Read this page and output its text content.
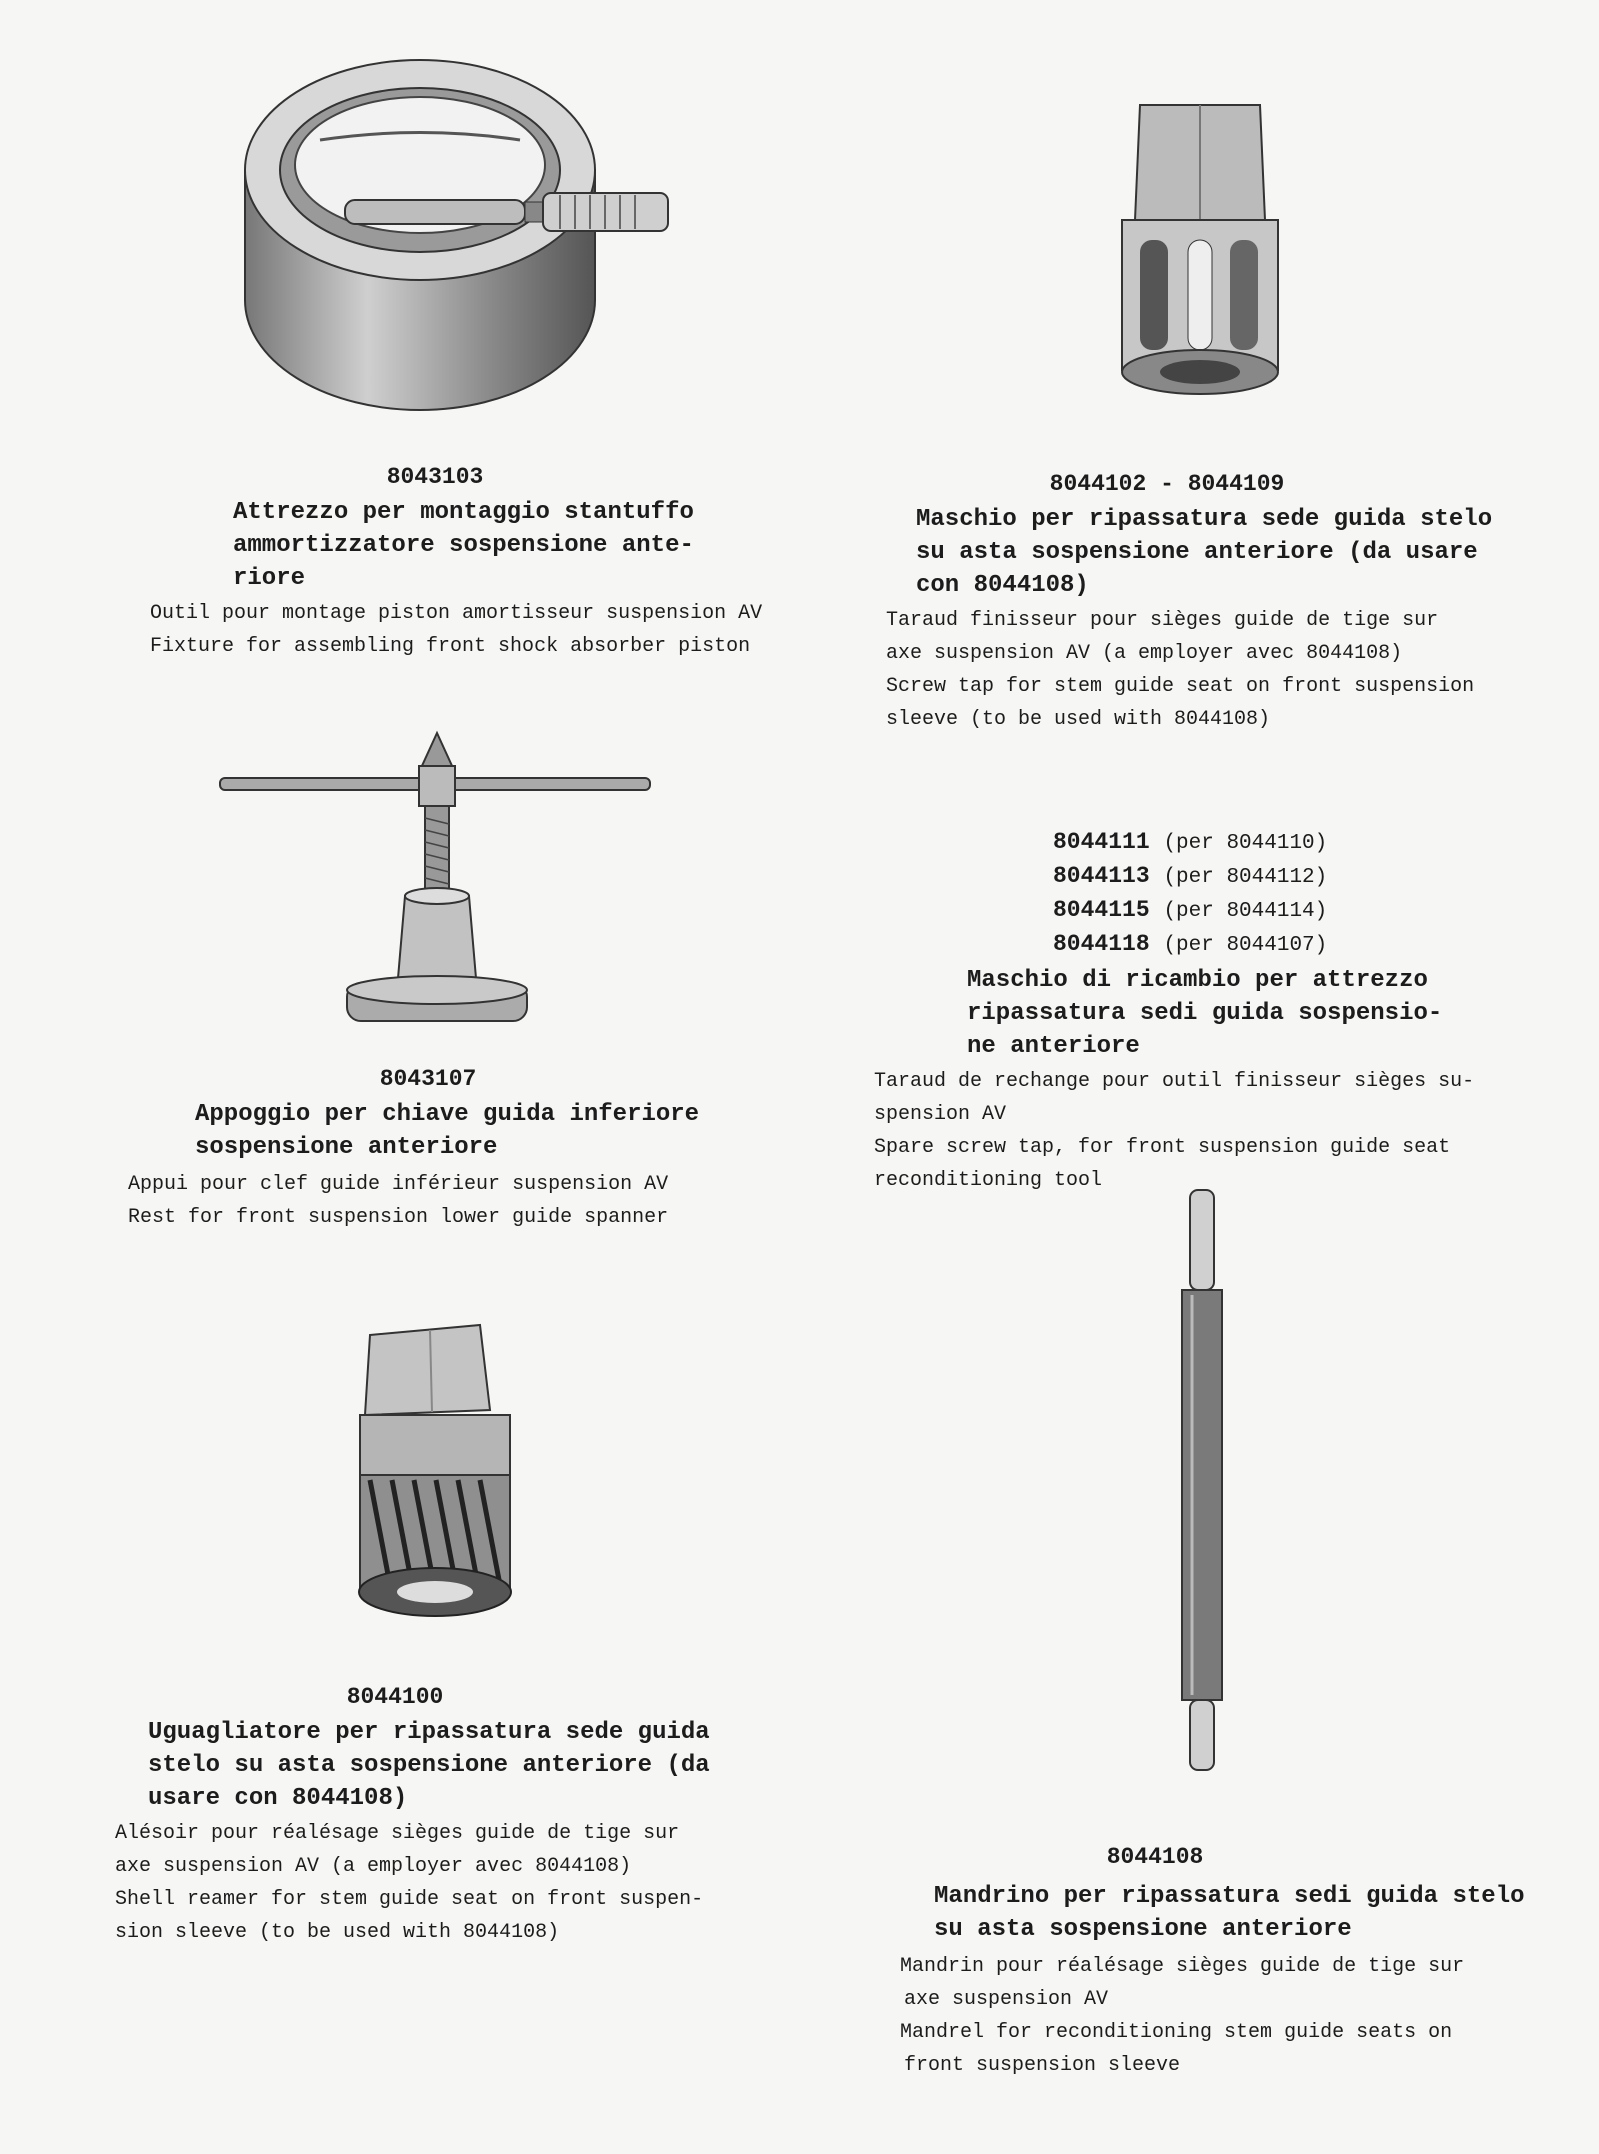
8043103
Attrezzo per montaggio stantuffo
ammortizzatore sospensione ante-
riore
Outil pour montage piston amortisseur suspension AV
Fixture for assembling front shock absorber piston
8044102 - 8044109
Maschio per ripassatura sede guida stelo
su asta sospensione anteriore (da usare
con 8044108)
Taraud finisseur pour sièges guide de tige sur
axe suspension AV (a employer avec 8044108)
Screw tap for stem guide seat on front suspension
sleeve (to be used with 8044108)
8043107
Appoggio per chiave guida inferiore
sospensione anteriore
Appui pour clef guide inférieur suspension AV
Rest for front suspension lower guide spanner
8044111 (per 8044110)
8044113 (per 8044112)
8044115 (per 8044114)
8044118 (per 8044107)
Maschio di ricambio per attrezzo
ripassatura sedi guida sospensio-
ne anteriore
Taraud de rechange pour outil finisseur sièges su-
spension AV
Spare screw tap, for front suspension guide seat
reconditioning tool
8044100
Uguagliatore per ripassatura sede guida
stelo su asta sospensione anteriore (da
usare con 8044108)
Alésoir pour réalésage sièges guide de tige sur
axe suspension AV (a employer avec 8044108)
Shell reamer for stem guide seat on front suspen-
sion sleeve (to be used with 8044108)
8044108
Mandrino per ripassatura sedi guida stelo
su asta sospensione anteriore
Mandrin pour réalésage sièges guide de tige sur
axe suspension AV
Mandrel for reconditioning stem guide seats on
front suspension sleeve
